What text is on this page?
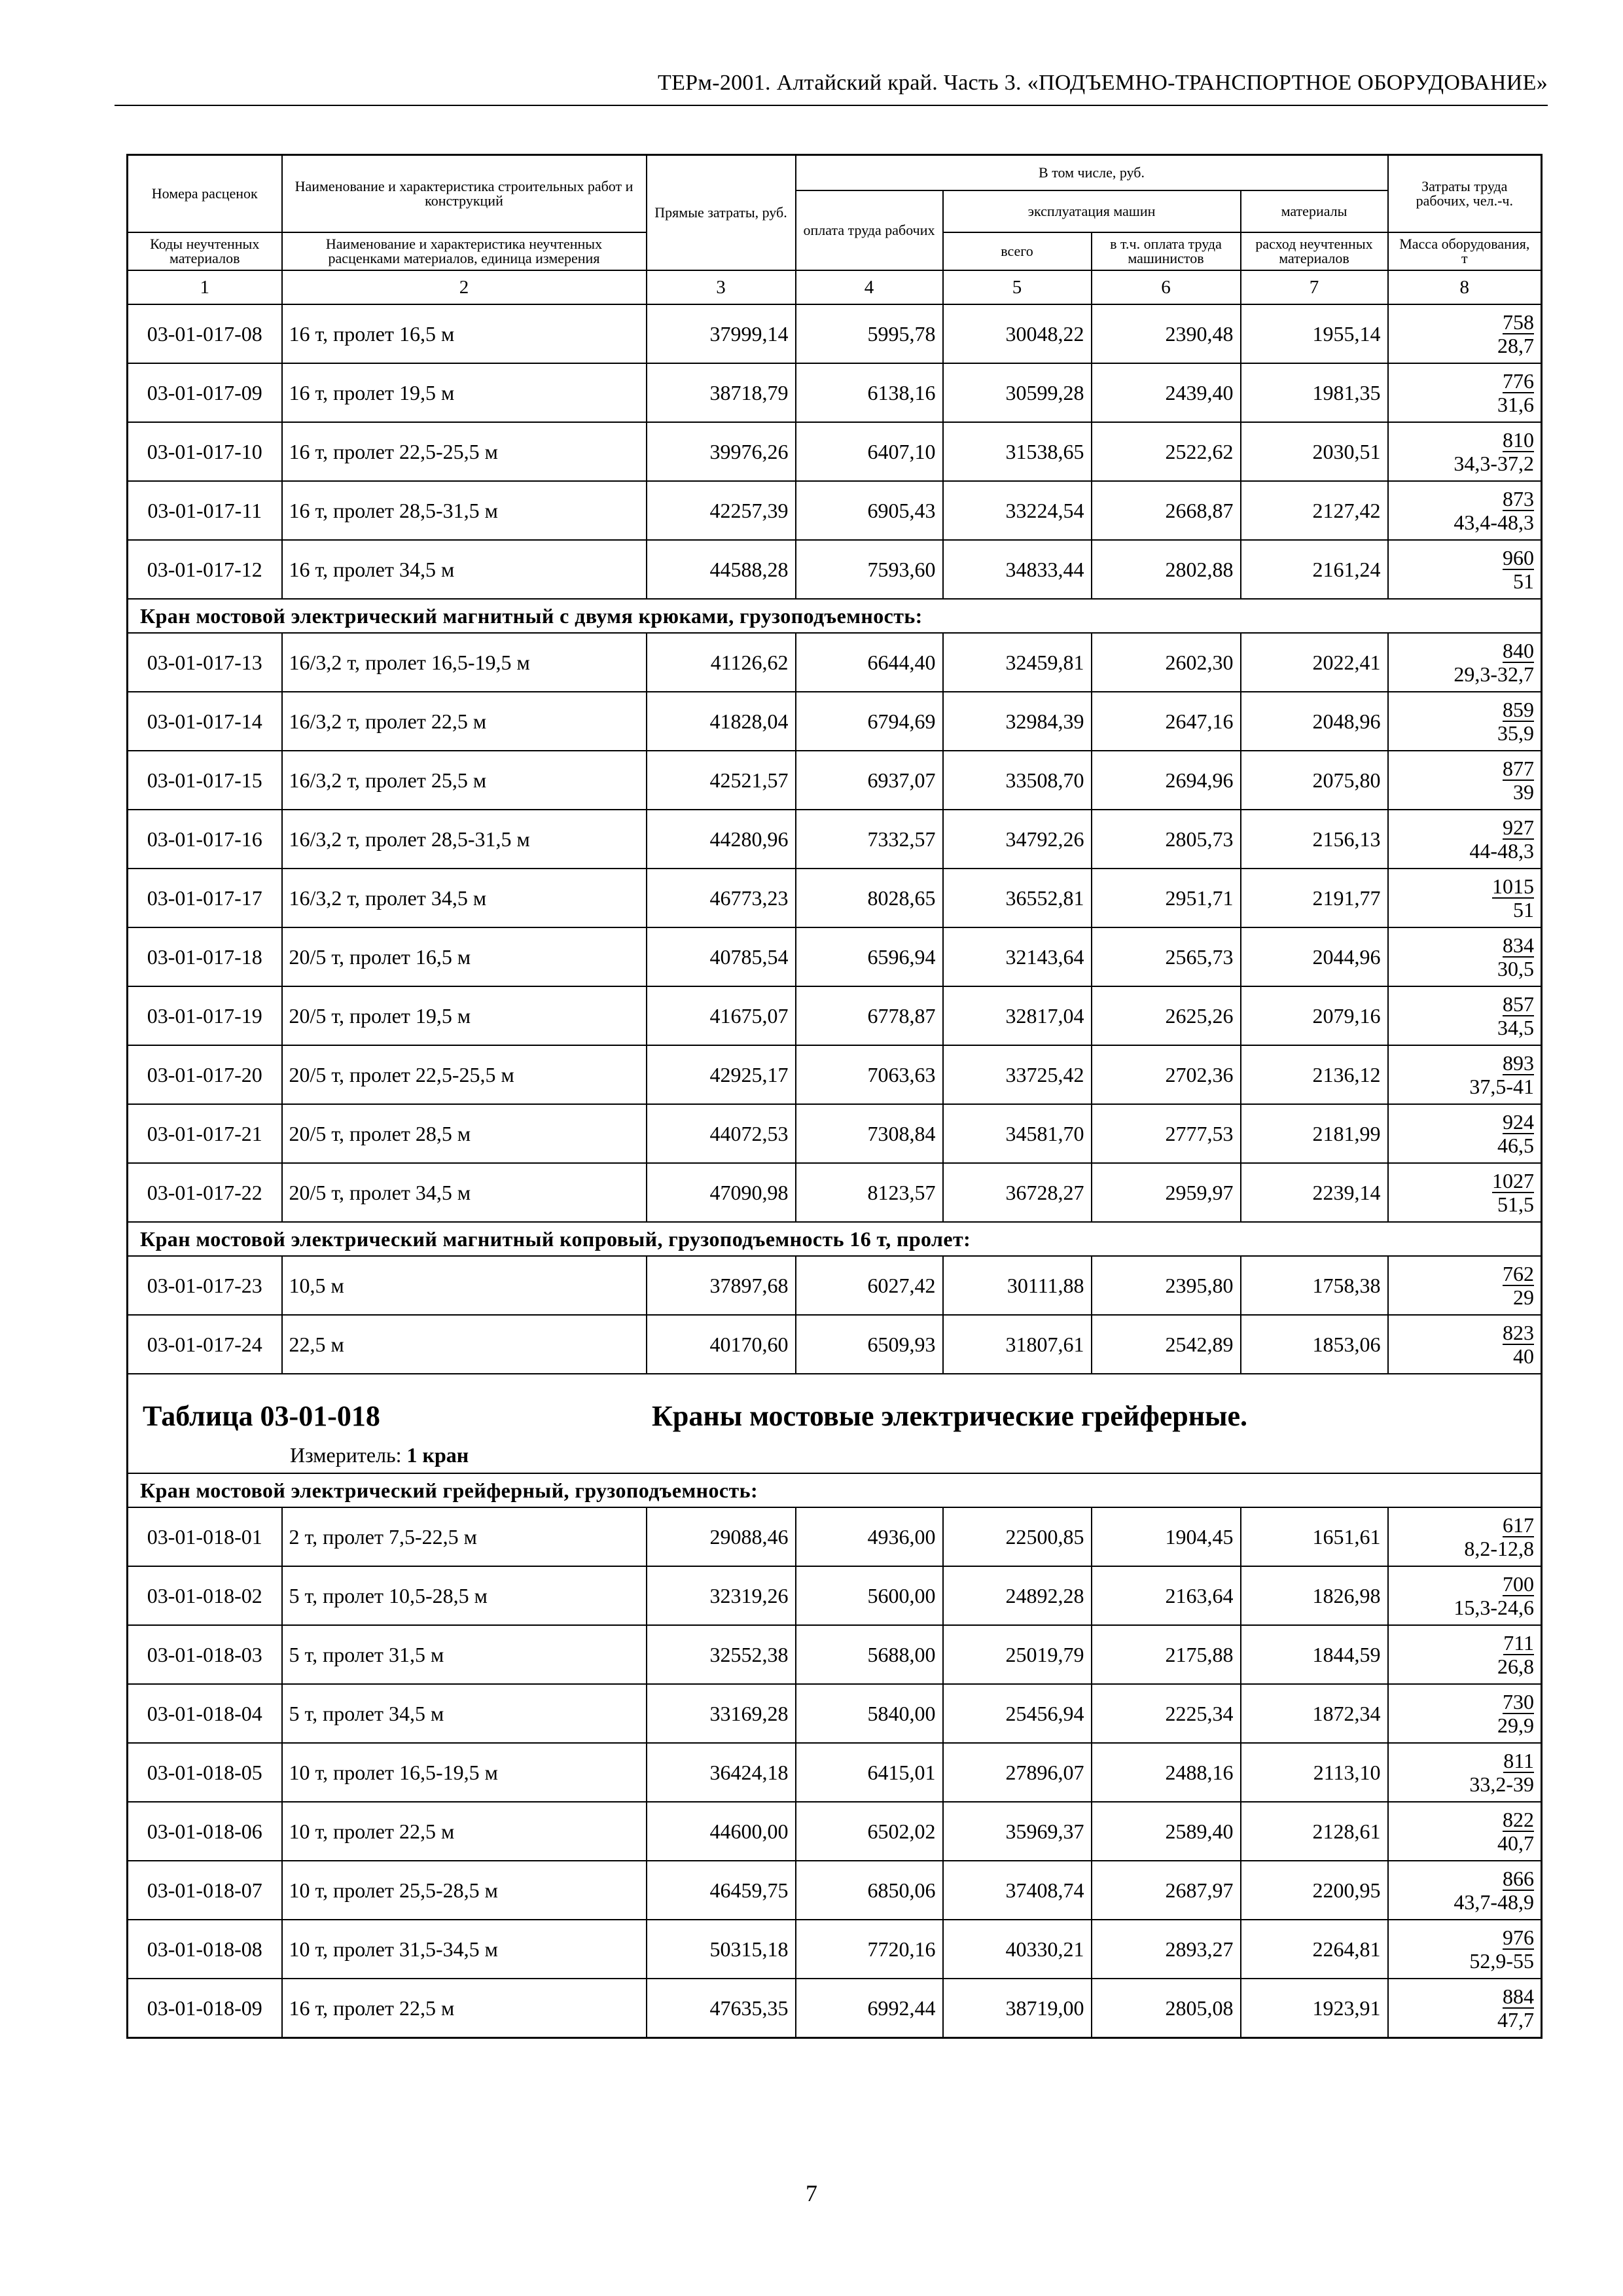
ТЕРм-2001. Алтайский край. Часть 3. «ПОДЪЕМНО-ТРАНСПОРТНОЕ ОБОРУДОВАНИЕ»
Номера расценок	Наименование и характеристика строительных работ и конструкций	Прямые затраты, руб.	В том числе, руб.				Затраты труда рабочих, чел.-ч.
			оплата труда рабочих	эксплуатация машин		материалы	
Коды неучтенных материалов	Наименование и характеристика неучтенных расценками материалов, единица измерения			всего	в т.ч. оплата труда машинистов	расход неучтенных материалов	Масса оборудования, т
1	2	3	4	5	6	7	8
03-01-017-08	16 т, пролет 16,5 м	37999,14	5995,78	30048,22	2390,48	1955,14	758
28,7

03-01-017-09	16 т, пролет 19,5 м	38718,79	6138,16	30599,28	2439,40	1981,35	776
31,6

03-01-017-10	16 т, пролет 22,5-25,5 м	39976,26	6407,10	31538,65	2522,62	2030,51	810
34,3-37,2

03-01-017-11	16 т, пролет 28,5-31,5 м	42257,39	6905,43	33224,54	2668,87	2127,42	873
43,4-48,3

03-01-017-12	16 т, пролет 34,5 м	44588,28	7593,60	34833,44	2802,88	2161,24	960
51

Кран мостовой электрический магнитный с двумя крюками, грузоподъемность:							
03-01-017-13	16/3,2 т, пролет 16,5-19,5 м	41126,62	6644,40	32459,81	2602,30	2022,41	840
29,3-32,7

03-01-017-14	16/3,2 т, пролет 22,5 м	41828,04	6794,69	32984,39	2647,16	2048,96	859
35,9

03-01-017-15	16/3,2 т, пролет 25,5 м	42521,57	6937,07	33508,70	2694,96	2075,80	877
39

03-01-017-16	16/3,2 т, пролет 28,5-31,5 м	44280,96	7332,57	34792,26	2805,73	2156,13	927
44-48,3

03-01-017-17	16/3,2 т, пролет 34,5 м	46773,23	8028,65	36552,81	2951,71	2191,77	1015
51

03-01-017-18	20/5 т, пролет 16,5 м	40785,54	6596,94	32143,64	2565,73	2044,96	834
30,5

03-01-017-19	20/5 т, пролет 19,5 м	41675,07	6778,87	32817,04	2625,26	2079,16	857
34,5

03-01-017-20	20/5 т, пролет 22,5-25,5 м	42925,17	7063,63	33725,42	2702,36	2136,12	893
37,5-41

03-01-017-21	20/5 т, пролет 28,5 м	44072,53	7308,84	34581,70	2777,53	2181,99	924
46,5

03-01-017-22	20/5 т, пролет 34,5 м	47090,98	8123,57	36728,27	2959,97	2239,14	1027
51,5

Кран мостовой электрический магнитный копровый, грузоподъемность 16 т, пролет:							
03-01-017-23	10,5 м	37897,68	6027,42	30111,88	2395,80	1758,38	762
29

03-01-017-24	22,5 м	40170,60	6509,93	31807,61	2542,89	1853,06	823
40

Таблица 03-01-018 Краны мостовые электрические грейферные.
Измеритель: 1 кран							

Кран мостовой электрический грейферный, грузоподъемность:							
03-01-018-01	2 т, пролет 7,5-22,5 м	29088,46	4936,00	22500,85	1904,45	1651,61	617
8,2-12,8

03-01-018-02	5 т, пролет 10,5-28,5 м	32319,26	5600,00	24892,28	2163,64	1826,98	700
15,3-24,6

03-01-018-03	5 т, пролет 31,5 м	32552,38	5688,00	25019,79	2175,88	1844,59	711
26,8

03-01-018-04	5 т, пролет 34,5 м	33169,28	5840,00	25456,94	2225,34	1872,34	730
29,9

03-01-018-05	10 т, пролет 16,5-19,5 м	36424,18	6415,01	27896,07	2488,16	2113,10	811
33,2-39

03-01-018-06	10 т, пролет 22,5 м	44600,00	6502,02	35969,37	2589,40	2128,61	822
40,7

03-01-018-07	10 т, пролет 25,5-28,5 м	46459,75	6850,06	37408,74	2687,97	2200,95	866
43,7-48,9

03-01-018-08	10 т, пролет 31,5-34,5 м	50315,18	7720,16	40330,21	2893,27	2264,81	976
52,9-55

03-01-018-09	16 т, пролет 22,5 м	47635,35	6992,44	38719,00	2805,08	1923,91	884
47,7
7
